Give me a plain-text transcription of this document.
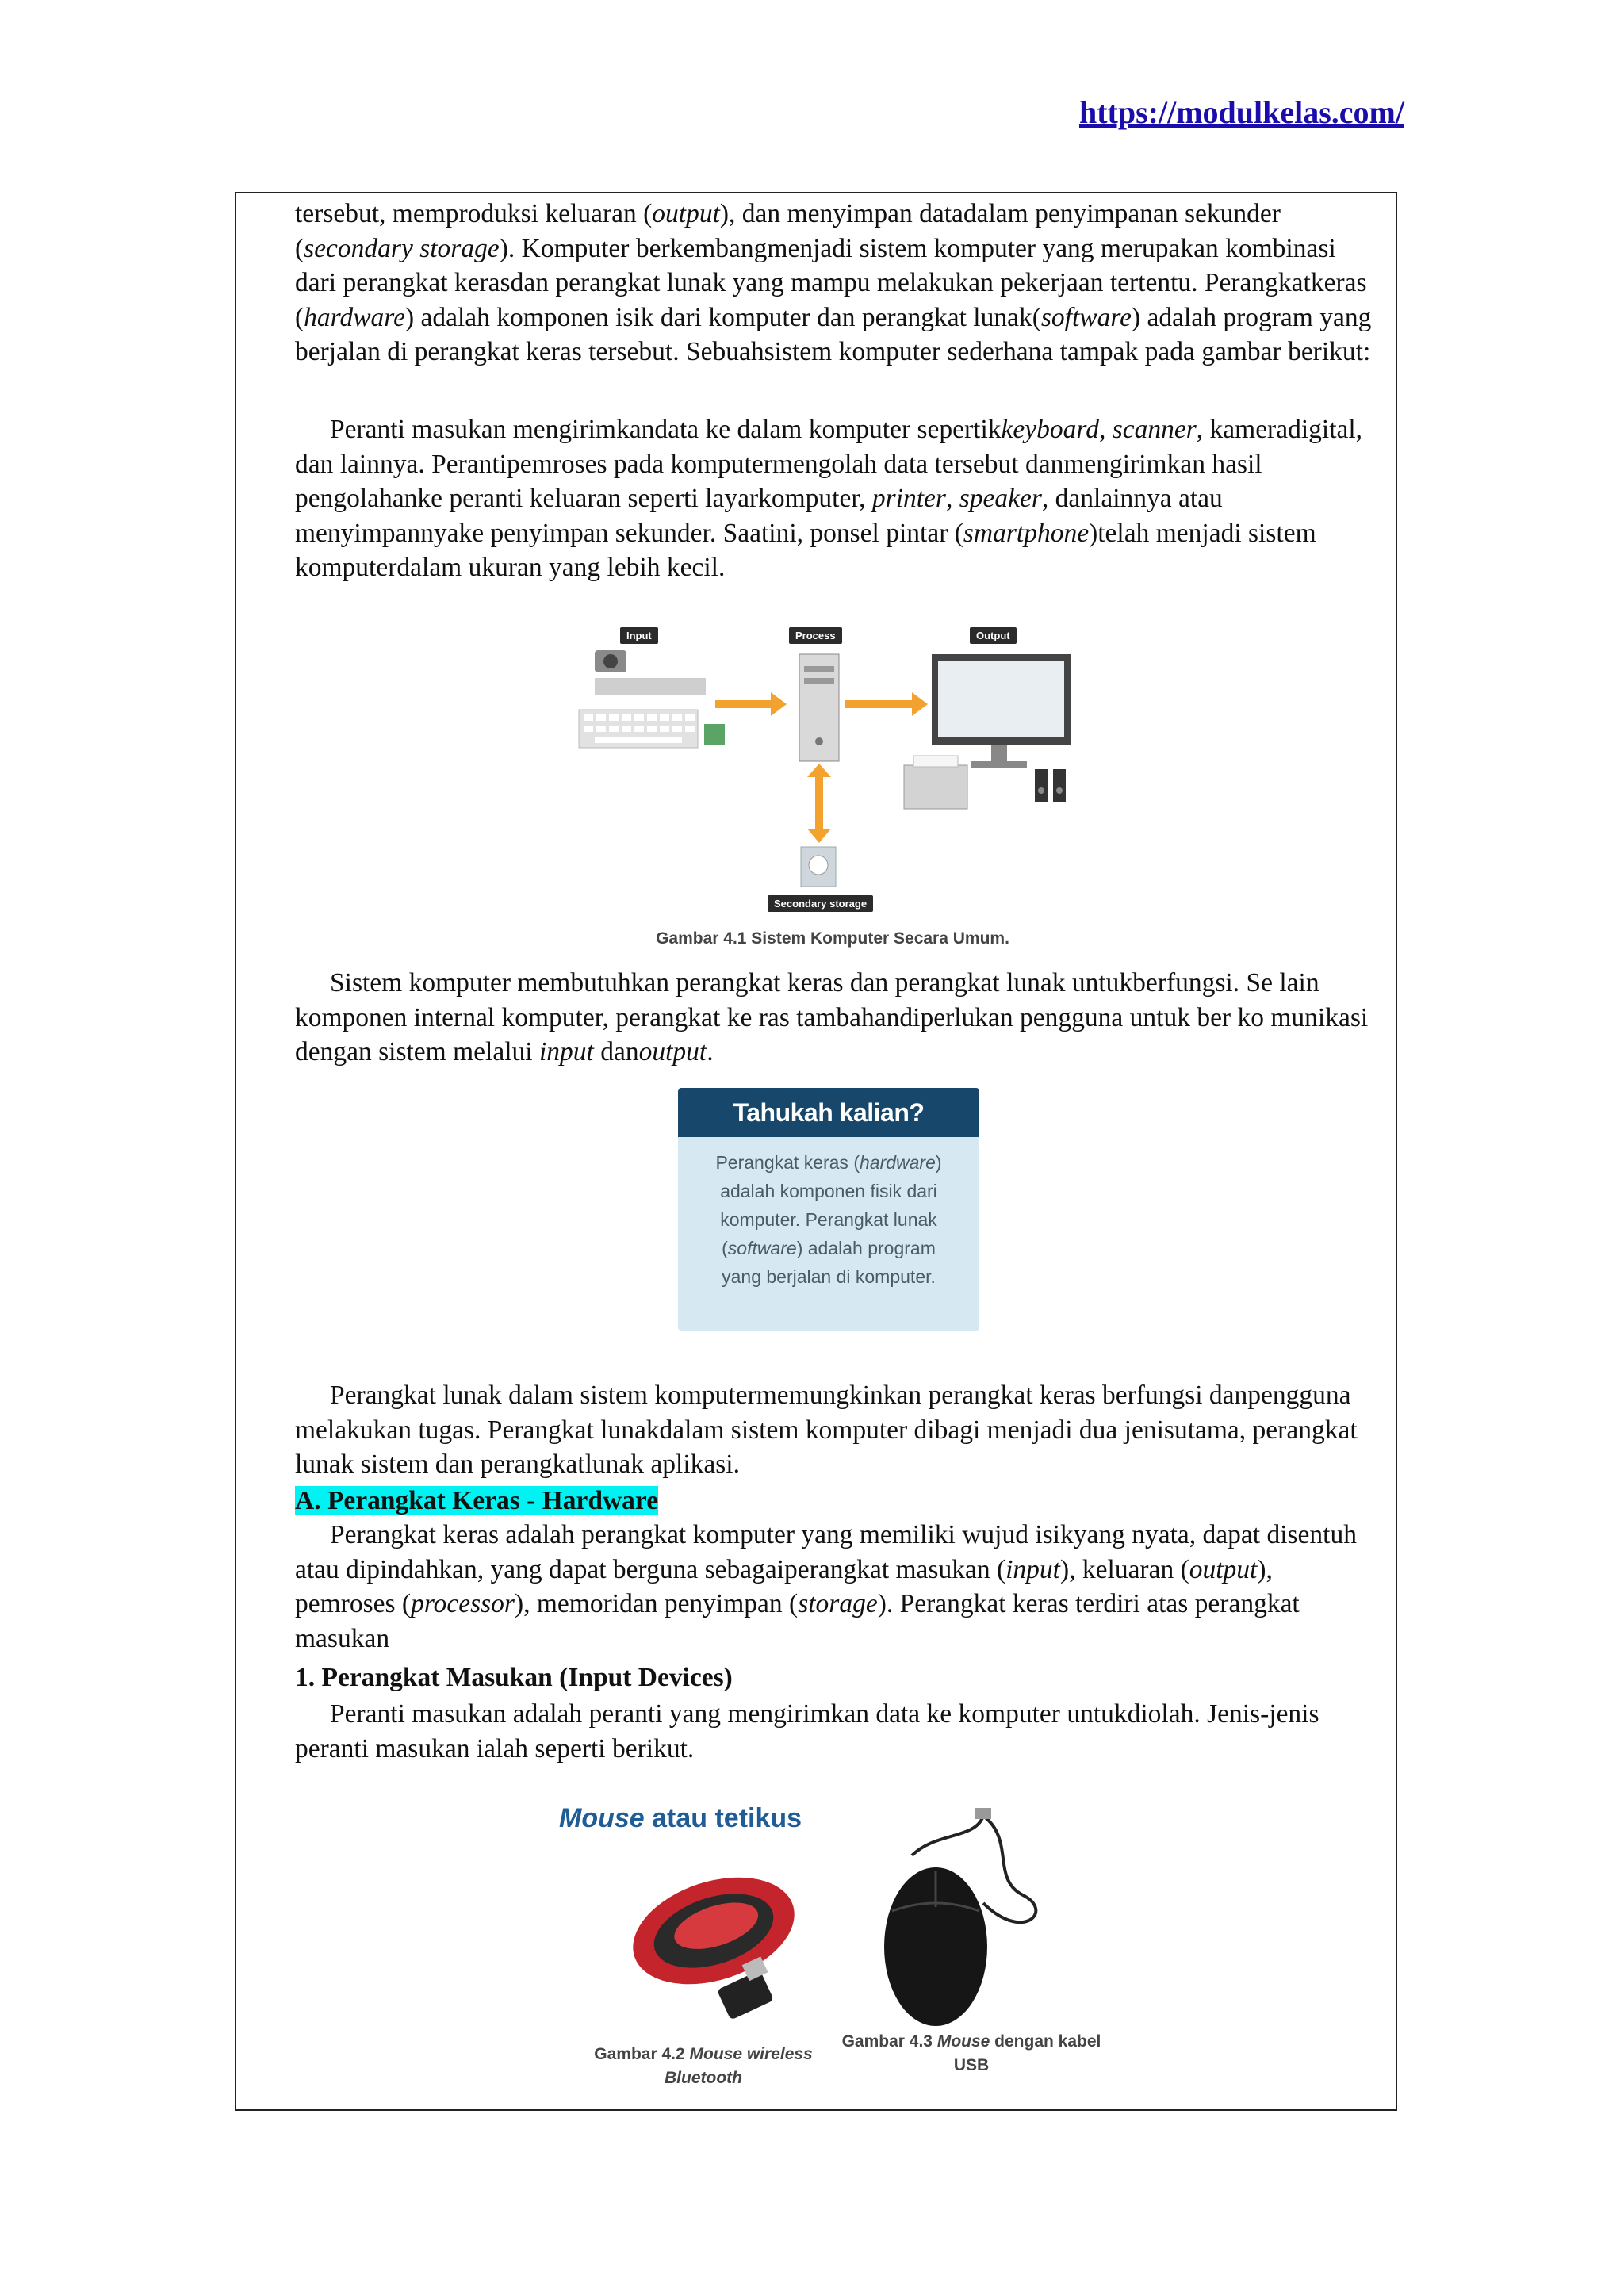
https://modulkelas.com/

tersebut, memproduksi keluaran (output), dan menyimpan datadalam penyimpanan sekunder (secondary storage). Komputer berkembangmenjadi sistem komputer yang merupakan kombinasi dari perangkat kerasdan perangkat lunak yang mampu melakukan pekerjaan tertentu. Perangkatkeras (hardware) adalah komponen isik dari komputer dan perangkat lunak(software) adalah program yang berjalan di perangkat keras tersebut. Sebuahsistem komputer sederhana tampak pada gambar berikut:

Peranti masukan mengirimkandata ke dalam komputer sepertikkeyboard, scanner, kameradigital, dan lainnya. Perantipemroses pada komputermengolah data tersebut danmengirimkan hasil pengolahanke peranti keluaran seperti layarkomputer, printer, speaker, danlainnya atau menyimpannyake penyimpan sekunder. Saatini, ponsel pintar (smartphone)telah menjadi sistem komputerdalam ukuran yang lebih kecil.

Input	Process	Output
Secondary storage
Gambar 4.1 Sistem Komputer Secara Umum.

Sistem komputer membutuhkan perangkat keras dan perangkat lunak untukberfungsi. Se lain komponen internal komputer, perangkat ke ras tambahandiperlukan pengguna untuk ber ko munikasi dengan sistem melalui input danoutput.

Tahukah kalian?
Perangkat keras (hardware)
adalah komponen fisik dari
komputer. Perangkat lunak
(software) adalah program
yang berjalan di komputer.

Perangkat lunak dalam sistem komputermemungkinkan perangkat keras berfungsi danpengguna melakukan tugas. Perangkat lunakdalam sistem komputer dibagi menjadi dua jenisutama, perangkat lunak sistem dan perangkatlunak aplikasi.

A. Perangkat Keras - Hardware

Perangkat keras adalah perangkat komputer yang memiliki wujud isikyang nyata, dapat disentuh atau dipindahkan, yang dapat berguna sebagaiperangkat masukan (input), keluaran (output), pemroses (processor), memoridan penyimpan (storage). Perangkat keras terdiri atas perangkat masukan

1. Perangkat Masukan (Input Devices)

Peranti masukan adalah peranti yang mengirimkan data ke komputer untukdiolah. Jenis-jenis peranti masukan ialah seperti berikut.

Mouse atau tetikus
Gambar 4.2 Mouse wireless
Bluetooth
Gambar 4.3 Mouse dengan kabel
USB
